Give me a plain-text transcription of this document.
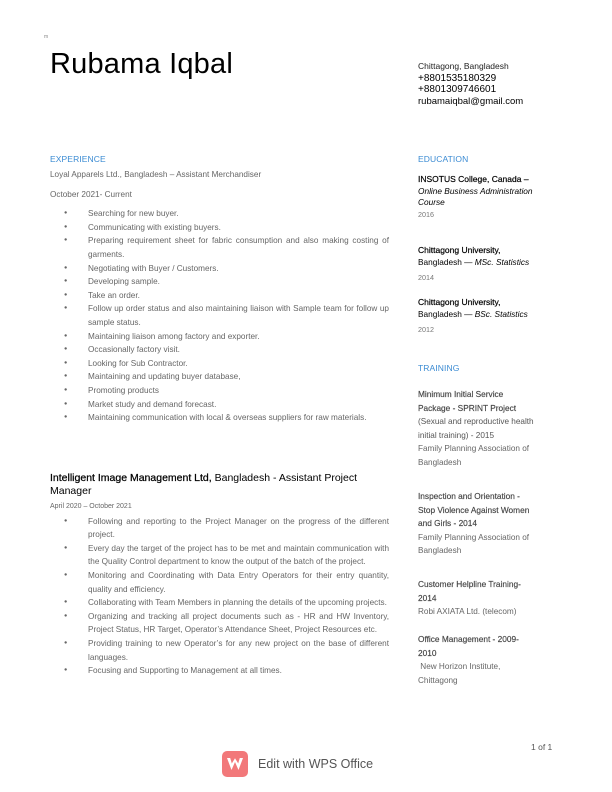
m
Rubama Iqbal	Chittagong, Bangladesh
+8801535180329
+8801309746601
rubamaiqbal@gmail.com
EXPERIENCE

Loyal Apparels Ltd., Bangladesh – Assistant Merchandiser

October 2021- Current

● Searching for new buyer.
● Communicating with existing buyers.
● Preparing requirement sheet for fabric consumption and also making costing of garments.
● Negotiating with Buyer / Customers.
● Developing sample.
● Take an order.
● Follow up order status and also maintaining liaison with Sample team for follow up sample status.
● Maintaining liaison among factory and exporter.
● Occasionally factory visit.
● Looking for Sub Contractor.
● Maintaining and updating buyer database,
● Promoting products
● Market study and demand forecast.
● Maintaining communication with local & overseas suppliers for raw materials.

Intelligent Image Management Ltd, Bangladesh - Assistant Project Manager

April 2020 – October 2021

● Following and reporting to the Project Manager on the progress of the different project.
● Every day the target of the project has to be met and maintain communication with the Quality Control department to know the output of the batch of the project.
● Monitoring and Coordinating with Data Entry Operators for their entry quantity, quality and efficiency.
● Collaborating with Team Members in planning the details of the upcoming projects.
● Organizing and tracking all project documents such as - HR and HW Inventory, Project Status, HR Target, Operator’s Attendance Sheet, Project Resources etc.
● Providing training to new Operator’s for any new project on the base of different languages.
● Focusing and Supporting to Management at all times.
EDUCATION
INSOTUS College, Canada –
Online Business Administration Course
2016
Chittagong University,
Bangladesh — MSc. Statistics
2014
Chittagong University,
Bangladesh — BSc. Statistics
2012
TRAINING
Minimum Initial Service
Package - SPRINT Project
(Sexual and reproductive health
initial training) - 2015
Family Planning Association of
Bangladesh
Inspection and Orientation -
Stop Violence Against Women
and Girls - 2014
Family Planning Association of
Bangladesh
Customer Helpline Training-
2014
Robi AXIATA Ltd. (telecom)
Office Management - 2009-
2010
New Horizon Institute,
Chittagong
1 of 1
Edit with WPS Office
